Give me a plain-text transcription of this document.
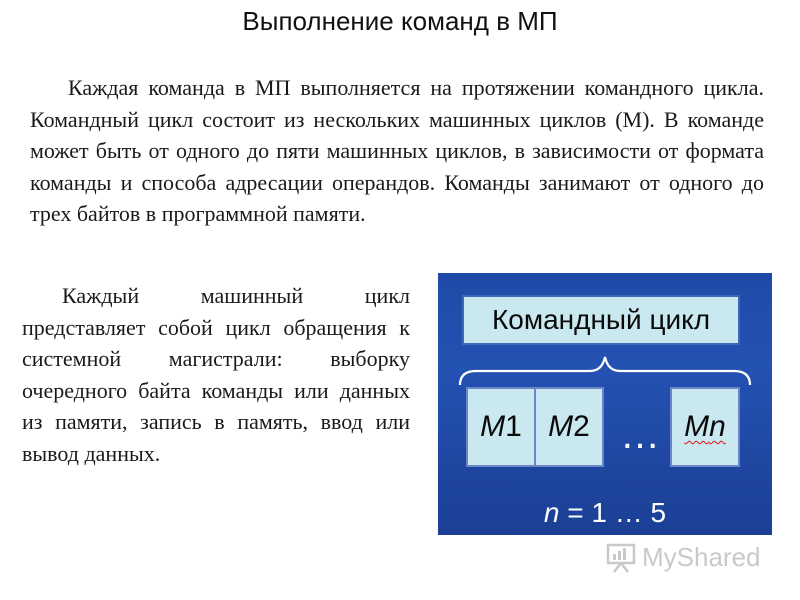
Выполнение команд в МП

Каждая команда в МП выполняется на протяжении командного цикла. Командный цикл состоит из нескольких машинных циклов (М). В команде может быть от одного до пяти машинных циклов, в зависимости от формата команды и способа адресации операндов. Команды занимают от одного до трех байтов в программной памяти.

Каждый машинный цикл представляет собой цикл обращения к системной магистрали: выборку очередного байта команды или данных из памяти, запись в память, ввод или вывод данных.

Командный цикл
M 1 M 2 … M n
n = 1 … 5
MyShared
